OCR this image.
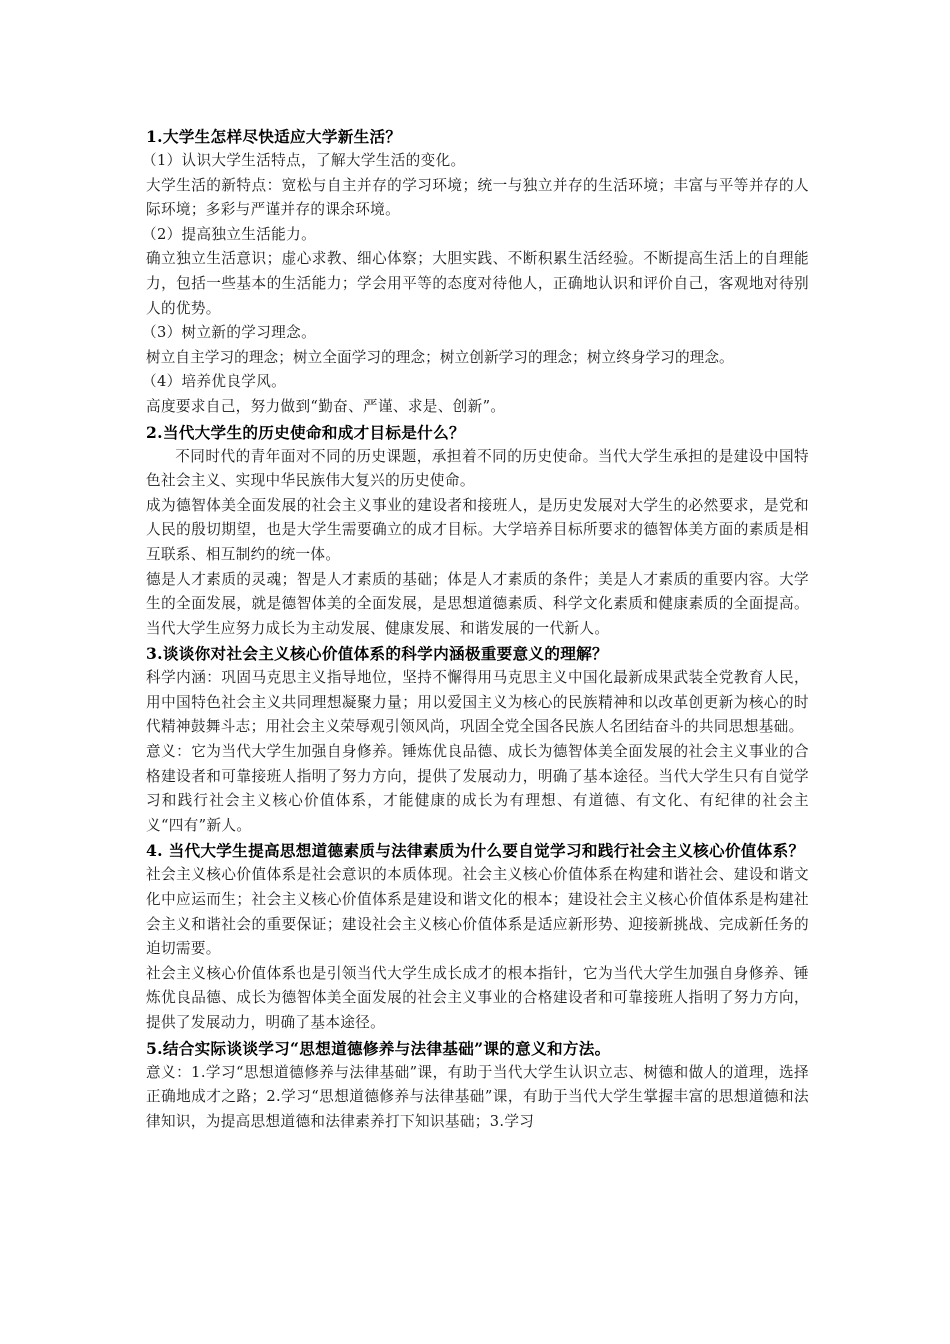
1.大学生怎样尽快适应大学新生活？

（1）认识大学生活特点，了解大学生活的变化。

大学生活的新特点：宽松与自主并存的学习环境；统一与独立并存的生活环境；丰富与平等并存的人际环境；多彩与严谨并存的课余环境。

（2）提高独立生活能力。

确立独立生活意识；虚心求教、细心体察；大胆实践、不断积累生活经验。不断提高生活上的自理能力，包括一些基本的生活能力；学会用平等的态度对待他人，正确地认识和评价自己，客观地对待别人的优势。

（3）树立新的学习理念。

树立自主学习的理念；树立全面学习的理念；树立创新学习的理念；树立终身学习的理念。

（4）培养优良学风。

高度要求自己，努力做到“勤奋、严谨、求是、创新”。

2.当代大学生的历史使命和成才目标是什么？

不同时代的青年面对不同的历史课题，承担着不同的历史使命。当代大学生承担的是建设中国特色社会主义、实现中华民族伟大复兴的历史使命。

成为德智体美全面发展的社会主义事业的建设者和接班人，是历史发展对大学生的必然要求，是党和人民的殷切期望，也是大学生需要确立的成才目标。大学培养目标所要求的德智体美方面的素质是相互联系、相互制约的统一体。

德是人才素质的灵魂；智是人才素质的基础；体是人才素质的条件；美是人才素质的重要内容。大学生的全面发展，就是德智体美的全面发展，是思想道德素质、科学文化素质和健康素质的全面提高。当代大学生应努力成长为主动发展、健康发展、和谐发展的一代新人。

3.谈谈你对社会主义核心价值体系的科学内涵极重要意义的理解？

科学内涵：巩固马克思主义指导地位，坚持不懈得用马克思主义中国化最新成果武装全党教育人民，用中国特色社会主义共同理想凝聚力量；用以爱国主义为核心的民族精神和以改革创更新为核心的时代精神鼓舞斗志；用社会主义荣辱观引领风尚，巩固全党全国各民族人名团结奋斗的共同思想基础。

意义：它为当代大学生加强自身修养。锤炼优良品德、成长为德智体美全面发展的社会主义事业的合格建设者和可靠接班人指明了努力方向，提供了发展动力，明确了基本途径。当代大学生只有自觉学习和践行社会主义核心价值体系，才能健康的成长为有理想、有道德、有文化、有纪律的社会主义“四有”新人。

4. 当代大学生提高思想道德素质与法律素质为什么要自觉学习和践行社会主义核心价值体系？

社会主义核心价值体系是社会意识的本质体现。社会主义核心价值体系在构建和谐社会、建设和谐文化中应运而生；社会主义核心价值体系是建设和谐文化的根本；建设社会主义核心价值体系是构建社会主义和谐社会的重要保证；建设社会主义核心价值体系是适应新形势、迎接新挑战、完成新任务的迫切需要。

社会主义核心价值体系也是引领当代大学生成长成才的根本指针，它为当代大学生加强自身修养、锤炼优良品德、成长为德智体美全面发展的社会主义事业的合格建设者和可靠接班人指明了努力方向，提供了发展动力，明确了基本途径。

5.结合实际谈谈学习“思想道德修养与法律基础”课的意义和方法。

意义：1.学习“思想道德修养与法律基础”课，有助于当代大学生认识立志、树德和做人的道理，选择正确地成才之路；2.学习“思想道德修养与法律基础”课，有助于当代大学生掌握丰富的思想道德和法律知识，为提高思想道德和法律素养打下知识基础；3.学习
